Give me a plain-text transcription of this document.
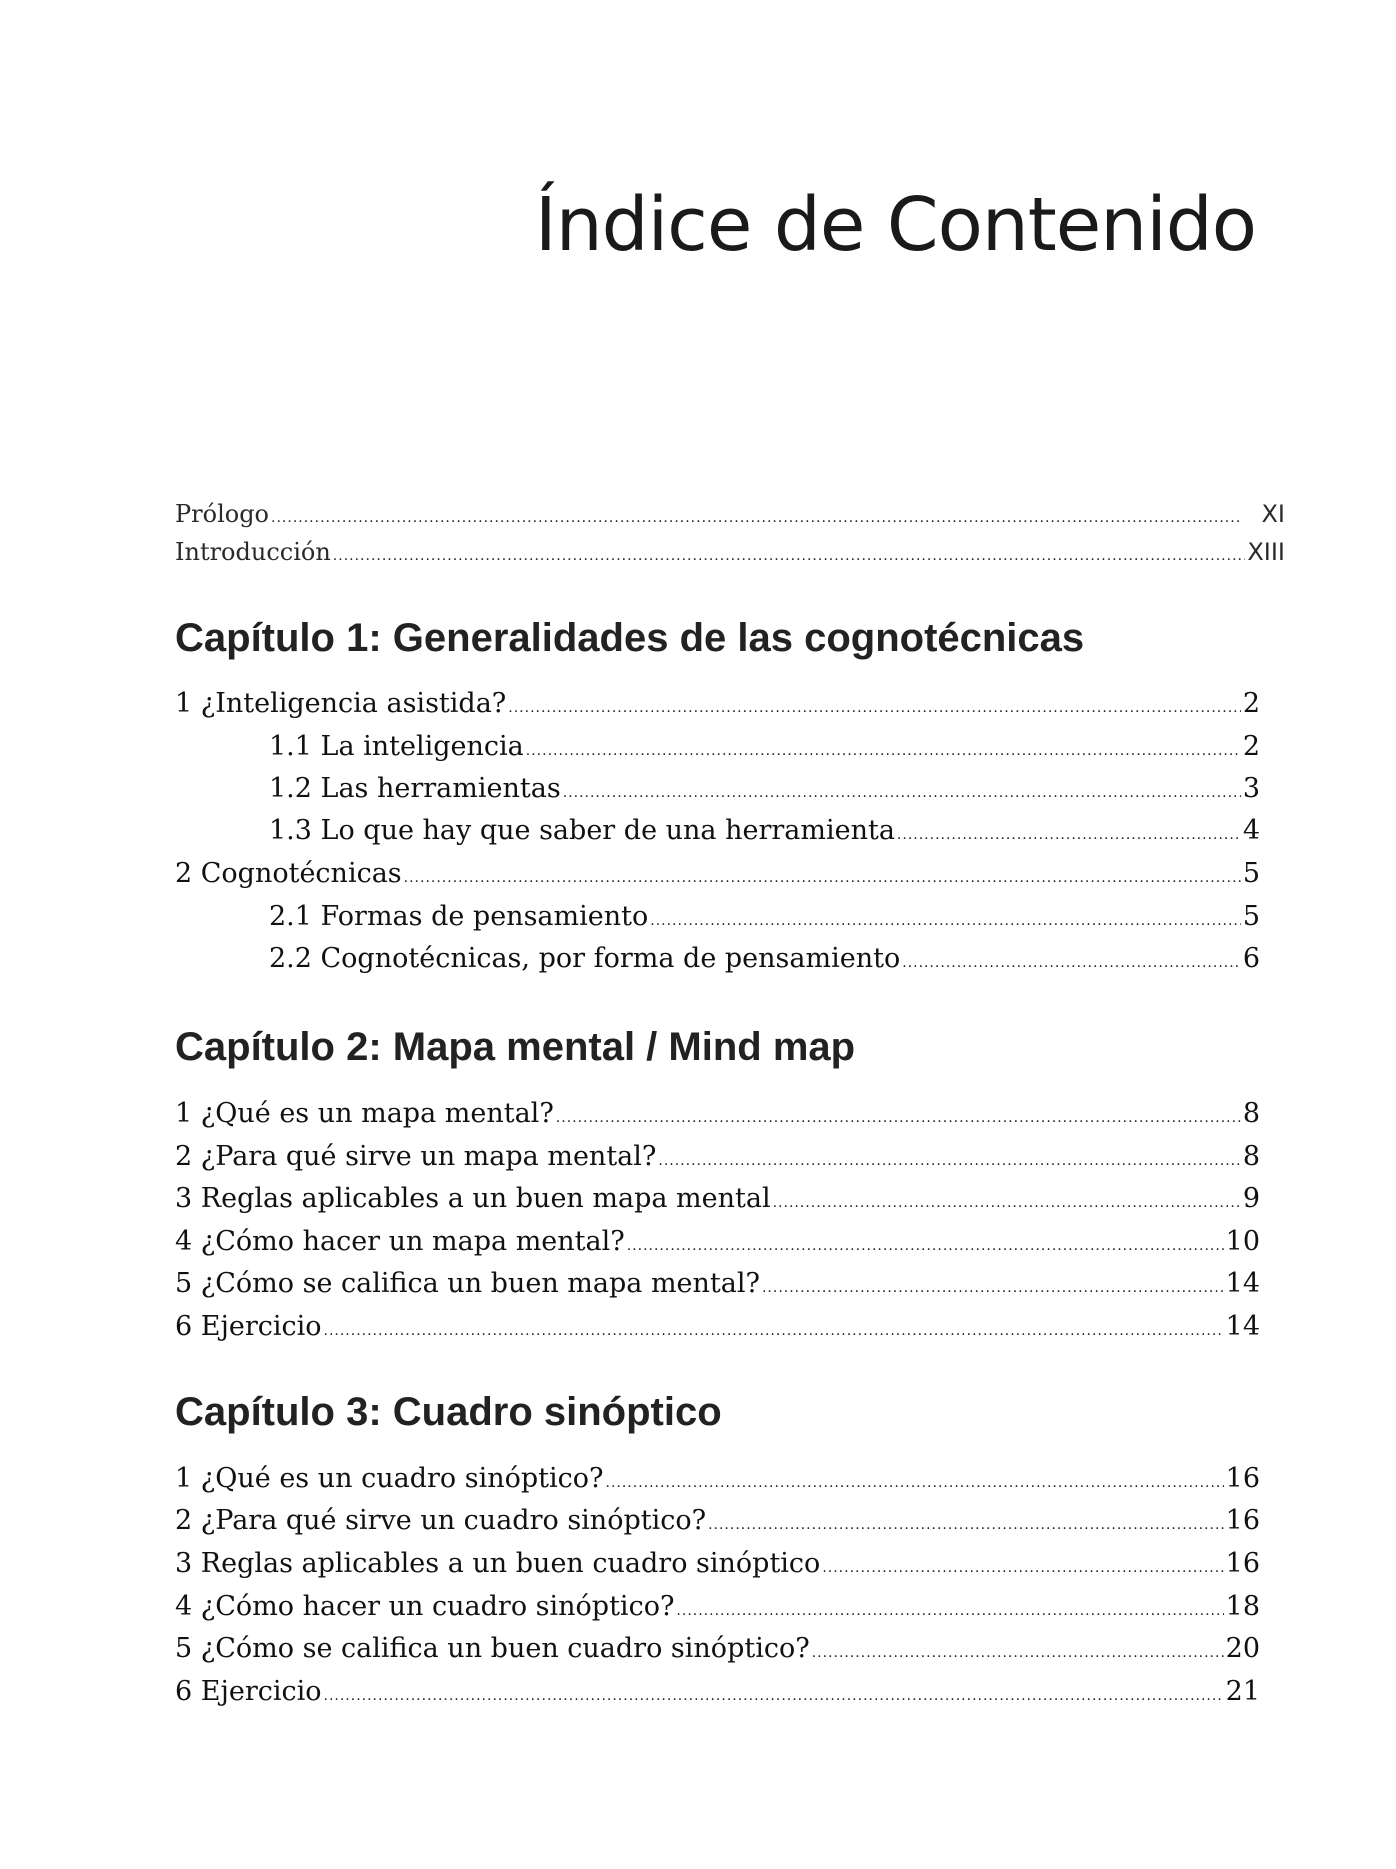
Índice de Contenido
Prólogo .....	XI
Introducción .....	XIII
Capítulo 1: Generalidades de las cognotécnicas
1 ¿Inteligencia asistida? .....	2
1.1 La inteligencia .....	2
1.2 Las herramientas .....	3
1.3 Lo que hay que saber de una herramienta .....	4
2 Cognotécnicas .....	5
2.1 Formas de pensamiento .....	5
2.2 Cognotécnicas, por forma de pensamiento .....	6
Capítulo 2: Mapa mental / Mind map
1 ¿Qué es un mapa mental? .....	8
2 ¿Para qué sirve un mapa mental? .....	8
3 Reglas aplicables a un buen mapa mental .....	9
4 ¿Cómo hacer un mapa mental? .....	10
5 ¿Cómo se califica un buen mapa mental? .....	14
6 Ejercicio .....	14
Capítulo 3: Cuadro sinóptico
1 ¿Qué es un cuadro sinóptico? .....	16
2 ¿Para qué sirve un cuadro sinóptico? .....	16
3 Reglas aplicables a un buen cuadro sinóptico .....	16
4 ¿Cómo hacer un cuadro sinóptico? .....	18
5 ¿Cómo se califica un buen cuadro sinóptico? .....	20
6 Ejercicio .....	21
